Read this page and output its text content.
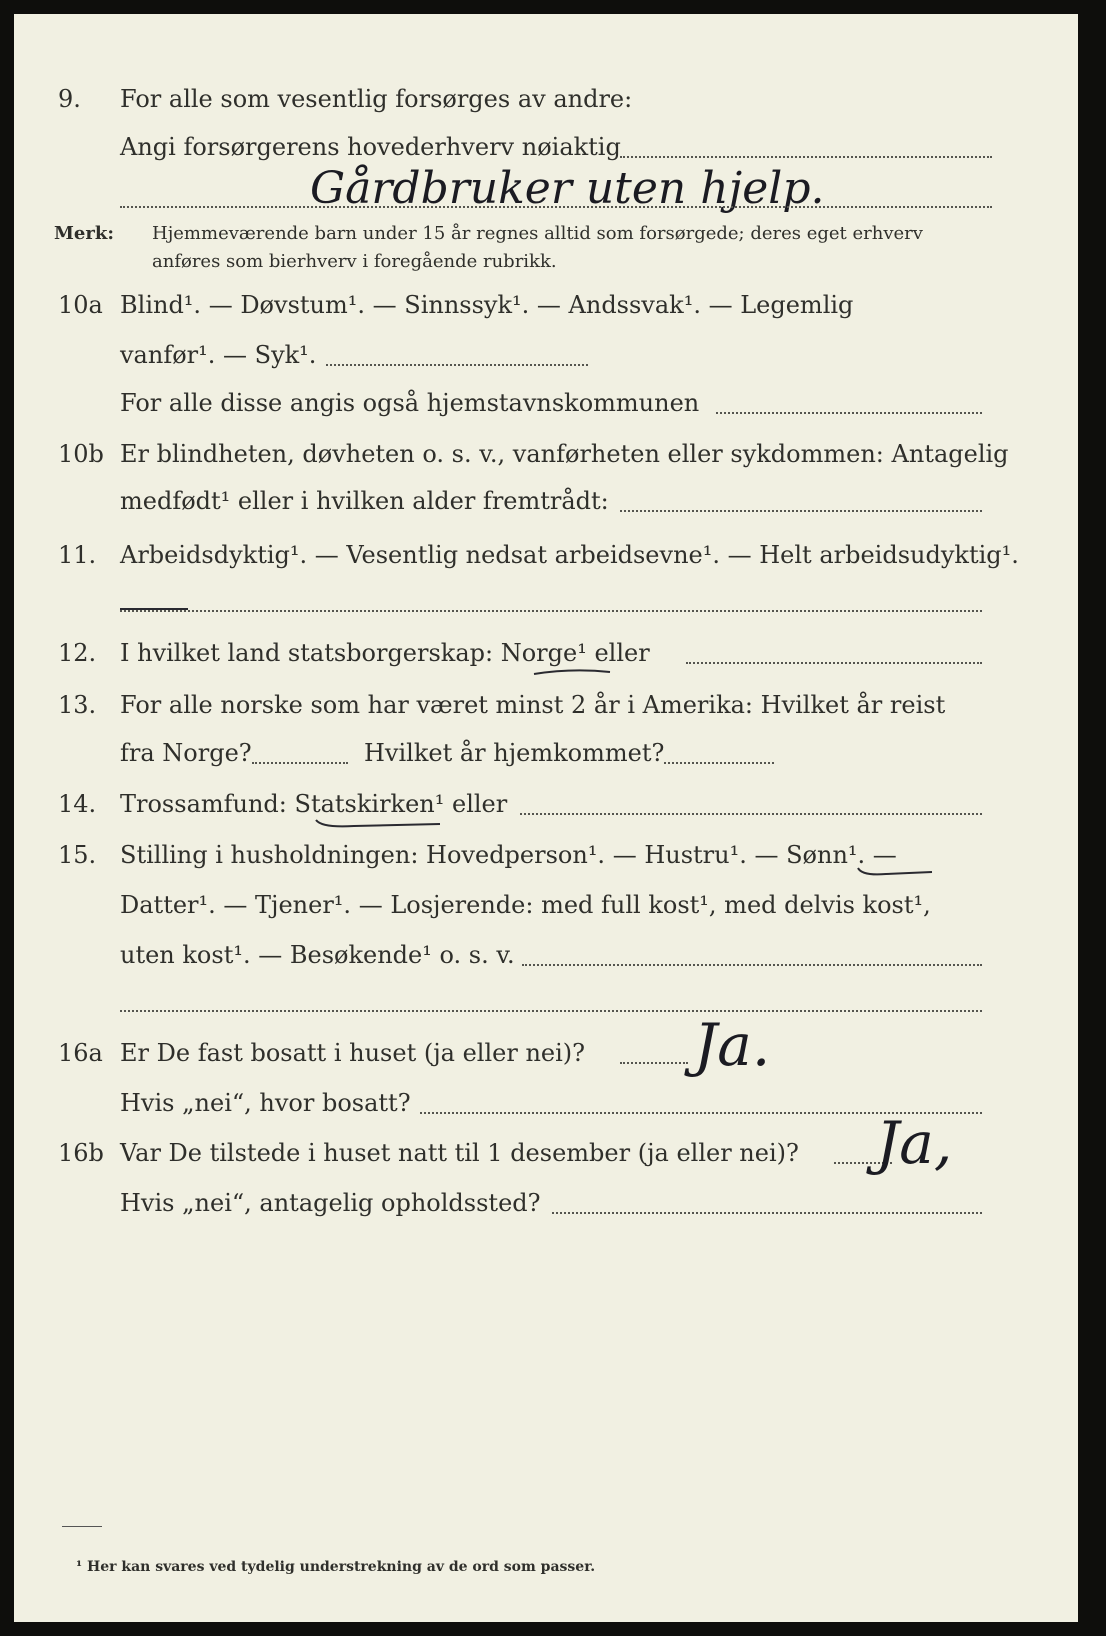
9. For alle som vesentlig forsørges av andre:
Angi forsørgerens hovederhverv nøiaktig
Gårdbruker uten hjelp.
Merk: Hjemmeværende barn under 15 år regnes alltid som forsørgede; deres eget erhverv
anføres som bierhverv i foregående rubrikk.
10a Blind¹. — Døvstum¹. — Sinnssyk¹. — Andssvak¹. — Legemlig
vanfør¹. — Syk¹.
For alle disse angis også hjemstavnskommunen
10b Er blindheten, døvheten o. s. v., vanførheten eller sykdommen: Antagelig
medfødt¹ eller i hvilken alder fremtrådt:
11. Arbeidsdyktig¹. — Vesentlig nedsat arbeidsevne¹. — Helt arbeidsudyktig¹.
12. I hvilket land statsborgerskap: Norge¹ eller
13. For alle norske som har været minst 2 år i Amerika: Hvilket år reist
fra Norge?	Hvilket år hjemkommet?
14. Trossamfund: Statskirken¹ eller
15. Stilling i husholdningen: Hovedperson¹. — Hustru¹. — Sønn¹. —
Datter¹. — Tjener¹. — Losjerende: med full kost¹, med delvis kost¹,
uten kost¹. — Besøkende¹ o. s. v.
16a Er De fast bosatt i huset (ja eller nei)? Ja.
Hvis „nei“, hvor bosatt?
16b Var De tilstede i huset natt til 1 desember (ja eller nei)? Ja,
Hvis „nei“, antagelig opholdssted?
¹ Her kan svares ved tydelig understrekning av de ord som passer.
